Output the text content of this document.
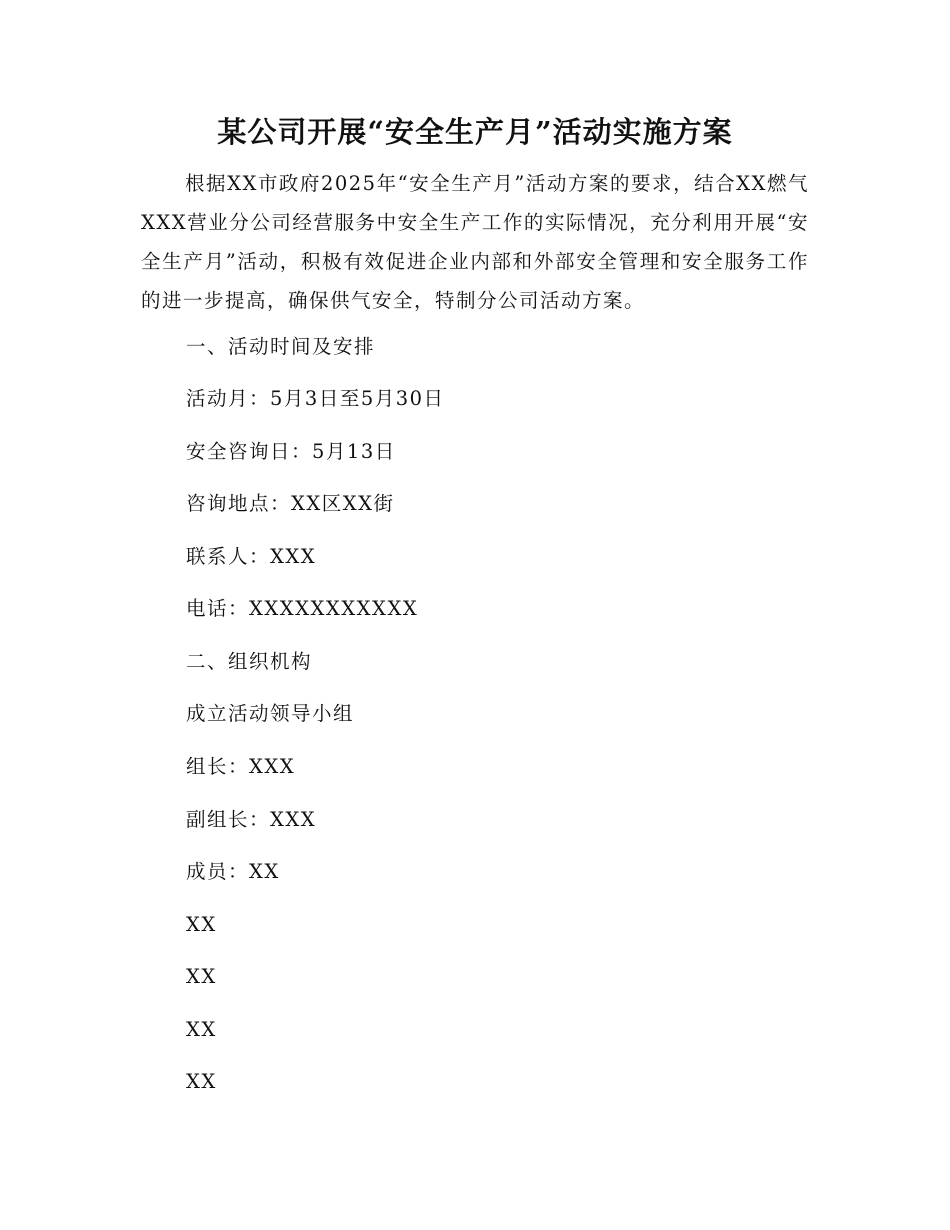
某公司开展“安全生产月”活动实施方案

根据XX市政府2025年“安全生产月”活动方案的要求，结合XX燃气XXX营业分公司经营服务中安全生产工作的实际情况，充分利用开展“安全生产月”活动，积极有效促进企业内部和外部安全管理和安全服务工作的进一步提高，确保供气安全，特制分公司活动方案。

一、活动时间及安排

活动月：5月3日至5月30日

安全咨询日：5月13日

咨询地点：XX区XX街

联系人：XXX

电话：XXXXXXXXXXX

二、组织机构

成立活动领导小组

组长：XXX

副组长：XXX

成员：XX

XX

XX

XX

XX
